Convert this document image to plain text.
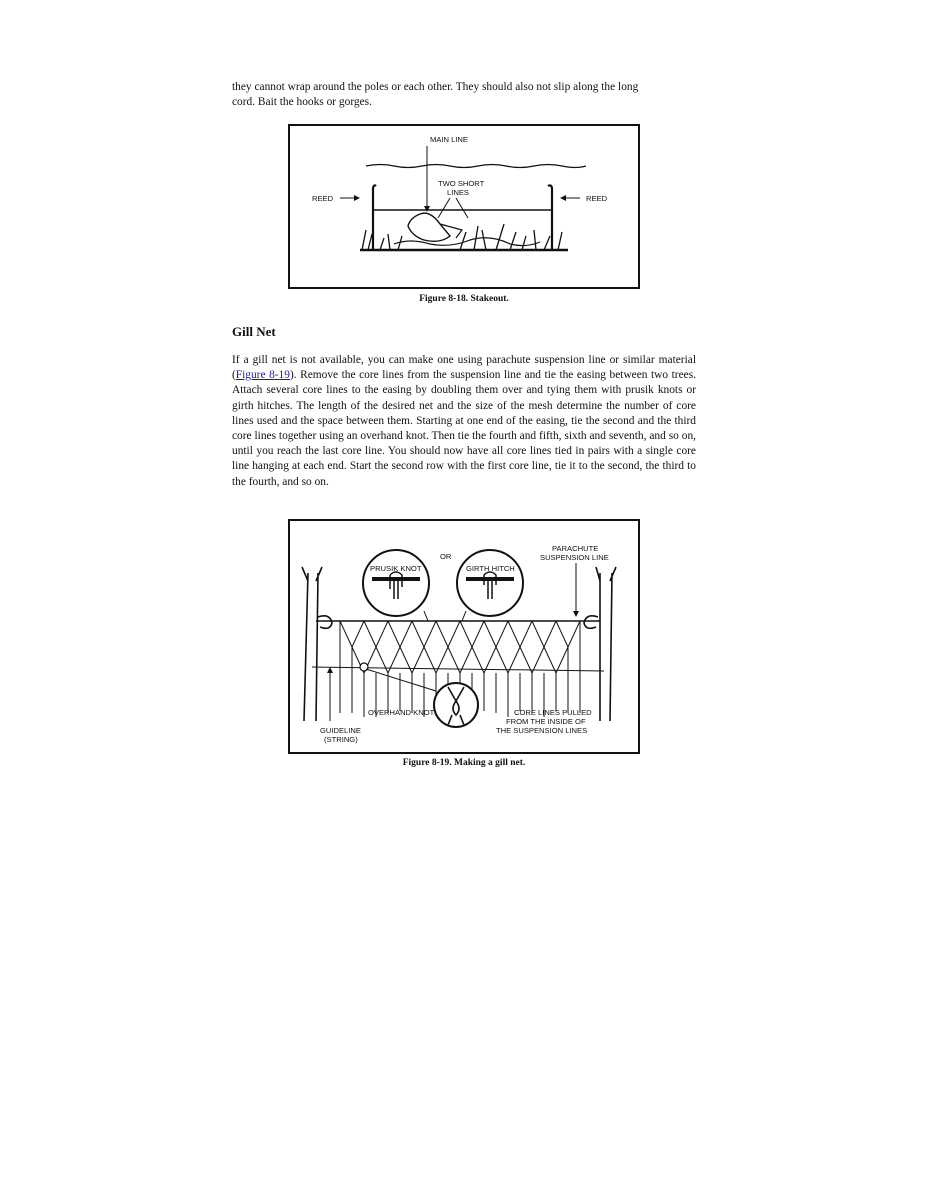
they cannot wrap around the poles or each other. They should also not slip along the long

cord. Bait the hooks or gorges.

MAIN LINE
TWO SHORT
LINES
REED	REED

Figure 8-18. Stakeout.

Gill Net

If a gill net is not available, you can make one using parachute suspension line or similar material (Figure 8-19). Remove the core lines from the suspension line and tie the easing between two trees. Attach several core lines to the easing by doubling them over and tying them with prusik knots or girth hitches. The length of the desired net and the size of the mesh determine the number of core lines used and the space between them. Starting at one end of the easing, tie the second and the third core lines together using an overhand knot. Then tie the fourth and fifth, sixth and seventh, and so on, until you reach the last core line. You should now have all core lines tied in pairs with a single core line hanging at each end. Start the second row with the first core line, tie it to the second, the third to the fourth, and so on.

PRUSIK KNOT
OR
GIRTH HITCH
PARACHUTE
SUSPENSION LINE
OVERHAND KNOT	CORE LINES PULLED
FROM THE INSIDE OF
THE SUSPENSION LINES
GUIDELINE
(STRING)

Figure 8-19. Making a gill net.
